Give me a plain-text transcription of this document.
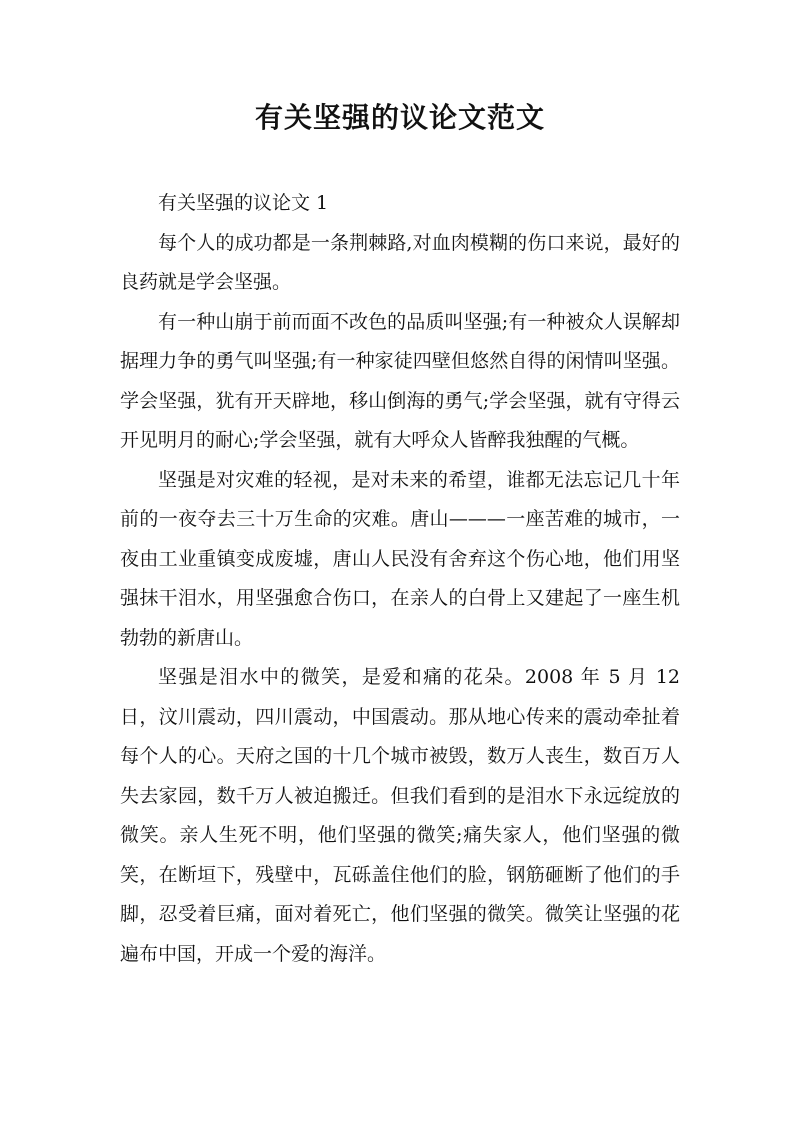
有关坚强的议论文范文

有关坚强的议论文 1

每个人的成功都是一条荆棘路,对血肉模糊的伤口来说，最好的良药就是学会坚强。

有一种山崩于前而面不改色的品质叫坚强;有一种被众人误解却据理力争的勇气叫坚强;有一种家徒四壁但悠然自得的闲情叫坚强。学会坚强，犹有开天辟地，移山倒海的勇气;学会坚强，就有守得云开见明月的耐心;学会坚强，就有大呼众人皆醉我独醒的气概。

坚强是对灾难的轻视，是对未来的希望，谁都无法忘记几十年前的一夜夺去三十万生命的灾难。唐山———一座苦难的城市，一夜由工业重镇变成废墟，唐山人民没有舍弃这个伤心地，他们用坚强抹干泪水，用坚强愈合伤口，在亲人的白骨上又建起了一座生机勃勃的新唐山。

坚强是泪水中的微笑，是爱和痛的花朵。2008 年 5 月 12 日，汶川震动，四川震动，中国震动。那从地心传来的震动牵扯着每个人的心。天府之国的十几个城市被毁，数万人丧生，数百万人失去家园，数千万人被迫搬迁。但我们看到的是泪水下永远绽放的微笑。亲人生死不明，他们坚强的微笑;痛失家人，他们坚强的微笑，在断垣下，残壁中，瓦砾盖住他们的脸，钢筋砸断了他们的手脚，忍受着巨痛，面对着死亡，他们坚强的微笑。微笑让坚强的花遍布中国，开成一个爱的海洋。
